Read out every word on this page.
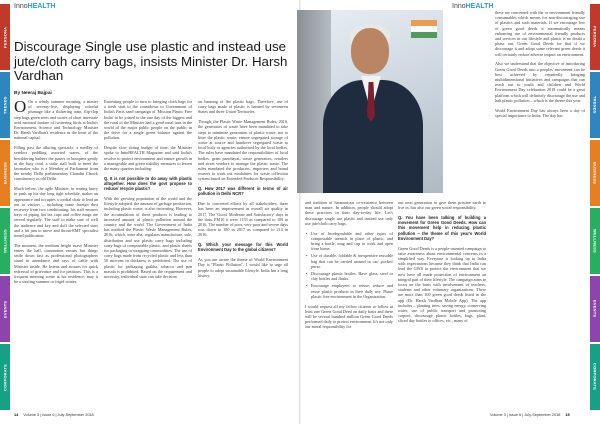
PERSONA
TRENDS
BUSINESS
WELLNESS
EVENTS
CORPORATE
InnoHEALTH
Discourage Single use plastic and instead use jute/cloth carry bags, insists Minister Dr. Harsh Vardhan
By Neeraj Bajpai

O On a windy summer morning, a master of seventy-five, displaying colorful plumage like a flickering train, flip-flop step bags green trees and scores of short interstate avid national fanfare of twittering birds at India's Environment, Science and Technology Minister Dr. Harsh Vardhan's residence in the heart of the national capital.

Filling past the alluring spectacle, a medley of vendors peddling assorted wares, of the bewildering bathers the pasers or bouquets gently at the busy road, a stake stall built to meet the lawmaker who is a Member of Parliament from the nearby Delhi parliamentary Chandni Chowk constituency in old Delhi.

Much before, the agile Minister, in tearing hurry to push up his day long tight schedule, makes an appearance and occupies a cordial chair to lead an out to visitors – including some foreign dust recovery from two conditioning; his staff ensures trays of piping hot tea cups and coffee mugs are served regularly. The staff to make sure of well the audience and key and doff the selected stars and a bit jam to move and throat-EMT specialist timed publication.

The moment, the medium height suave Minister enters the hall, commotion ensues but things settle down fast as professional photographers stand in attendance and rays of cattle with Minister inside. He listens and assures for quick redressal of grievance and for petitions. This is a frequent morning scene at his residence, may it be a sizzling summer or frigid winter.

Entreating people to turn to bringing cloth bags for a fresh start to the countdown to Government of India's Paris sand campaign of 'Mission Plastic Free India' to be joined to the one day of the biggest and the rural of the Minister had a good tonal turn in the world of the major public people on the public in the drive for a single green balance against the pollution.

Despite slow sitting budget of time, the Minister spoke to InnoHEALTH Magazine and said India's resolve to protect environment and ensure growth in a manageable and green stability measures to lessen the many quarters including:

Q. It is not possible to do away with plastic altogether. How does the govt propose to reduce/ recycle plastic?

With the growing population of the world and the lifestyle adopted, the amount of garbage production, including plastic waste, is also increasing. However, the accumulation of these products is leading to increased amount of plastic pollution around the country and the world. The Government of India has notified the Plastic Waste Management Rules, 2016, which, inter alia, regulates manufacture, sale, distribution and use plastic carry bags including carry bags of compostable plastic, and plastic sheets for packaging or wrapping commodities. The use of carry bags made from recycled plastic and less than 50 microns in thickness is prohibited. The use of plastic for packaging gutkha, tobacco and pan masala is prohibited. Based on the requirement and necessity, individual state can take decision

on banning of the plastic bags. Therefore, use of carry bags made of plastic is banned by seventeen States and three Union Territories.

Though, the Plastic Waste Management Rules, 2016, the generators of waste have been mandated to take steps to minimize generation of plastic waste, not to litter the plastic waste, ensure segregated storage of waste at source and handover segregated waste to local body or agencies authorised by the local bodies. The rules have mandated the responsibilities of local bodies, gram panchayat, waste generators, retailers and street vendors to manage the plastic waste. The rules mandated the producers, importers and brand owners to work out modalities for waste collection system based on Extended Producer Responsibility.

Q. How 2017 was different in terms of air pollution in Delhi NCR?

Due to concerted efforts by all stakeholders, there has been an improvement in overall air quality in 2017. The 'Good, Moderate and Satisfactory' days in the data. PM10 it were 1153 as compared to 109 in 2016. The number of poor, very poor and severe days was down to 180 in 2017 as compared to 214 in 2016.

Q. Which your message for this World Environment Day to the global citizens?

As you are aware the theme of World Environment Day is "Plastic Pollution". I would like to urge all people to adopt sustainable lifestyle. India has a long history

InnoHEALTH

and tradition of harmonious co-existence between man and nature. In addition, people should adopt these practices in their day-to-day life. Let's discourage single use plastic and instead use only use jute/cloth carry bags.

• Use of biodegradable and other types of compostable utensils in place of plastic, and bring a bottle, mug and cup to work and open from home.
• Use of durable, foldable & inexpensive reusable bag that can be carried around in car/ pocket/ purse.
• Discourage plastic bottles. Have glass, steel or clay bottles and flasks.
• Encourage employees to refuse, reduce and reuse plastic products in their daily use. Phase plastic free environment in the Organization.

I would request all my fellow citizens to follow at least one Green Good Deed on daily basis and there will be several hundred million Green Good Deeds performed daily to protect environment. It's not only our moral responsibility for

our next generation to give them pristine earth to live in, but also our green social responsibility.

Q. You have been talking of building a movement for Green Good Deeds. How can this movement help in reducing plastic pollution – the theme of this year's World Environment Day?

Green Good Deeds is a people-oriented campaign to raise awareness about environmental concerns in a simplified way. Everyone is looking up to India with expectations because they think that India can lead the GWS to protect the environment that we now have all made protection of environment an integral part of their lifestyle. The campaign aims to focus on the basis with involvement of teachers, students and other voluntary organizations. There are more than 100 green good deeds listed in the app (Dr. Harsh Vardhan Mobile App). The app includes – planting trees, saving energy, conserving water, use of public transport and promoting carpool, discourage plastic bottles, bags, plant, sliced day bottles to offices, etc., many of

these are concerned with the or environment friendly consumables which means for non-discouraging use of plastics and such materials. If we encourage few of green good deeds it automatically means enhancing use of environmental friendly products and services in our lifestyle and plastic is no doubt a phase out. Green Good Deeds for that if we discourage it and adopt some relevant green deeds it will certainly reduce adverse impact on environment.

Also we understand that the objective of introducing Green Good Deeds into a peoples' movement can be best achieved by repeatedly bringing multidimensional initiatives and campaigns that can reach out to youth and children and World Environment Day celebration 2018 could be a great platform which will definitely discourage the use and halt plastic pollution – which is the theme this year.

World Environment Day has always been a day of special importance to India. The day has

PERSONA
TRENDS
BUSINESS
WELLNESS
EVENTS
CORPORATE
14 Volume 3 | Issue 6 | July-September 2018	Volume 3 | Issue 6 | July-September 2018 15
